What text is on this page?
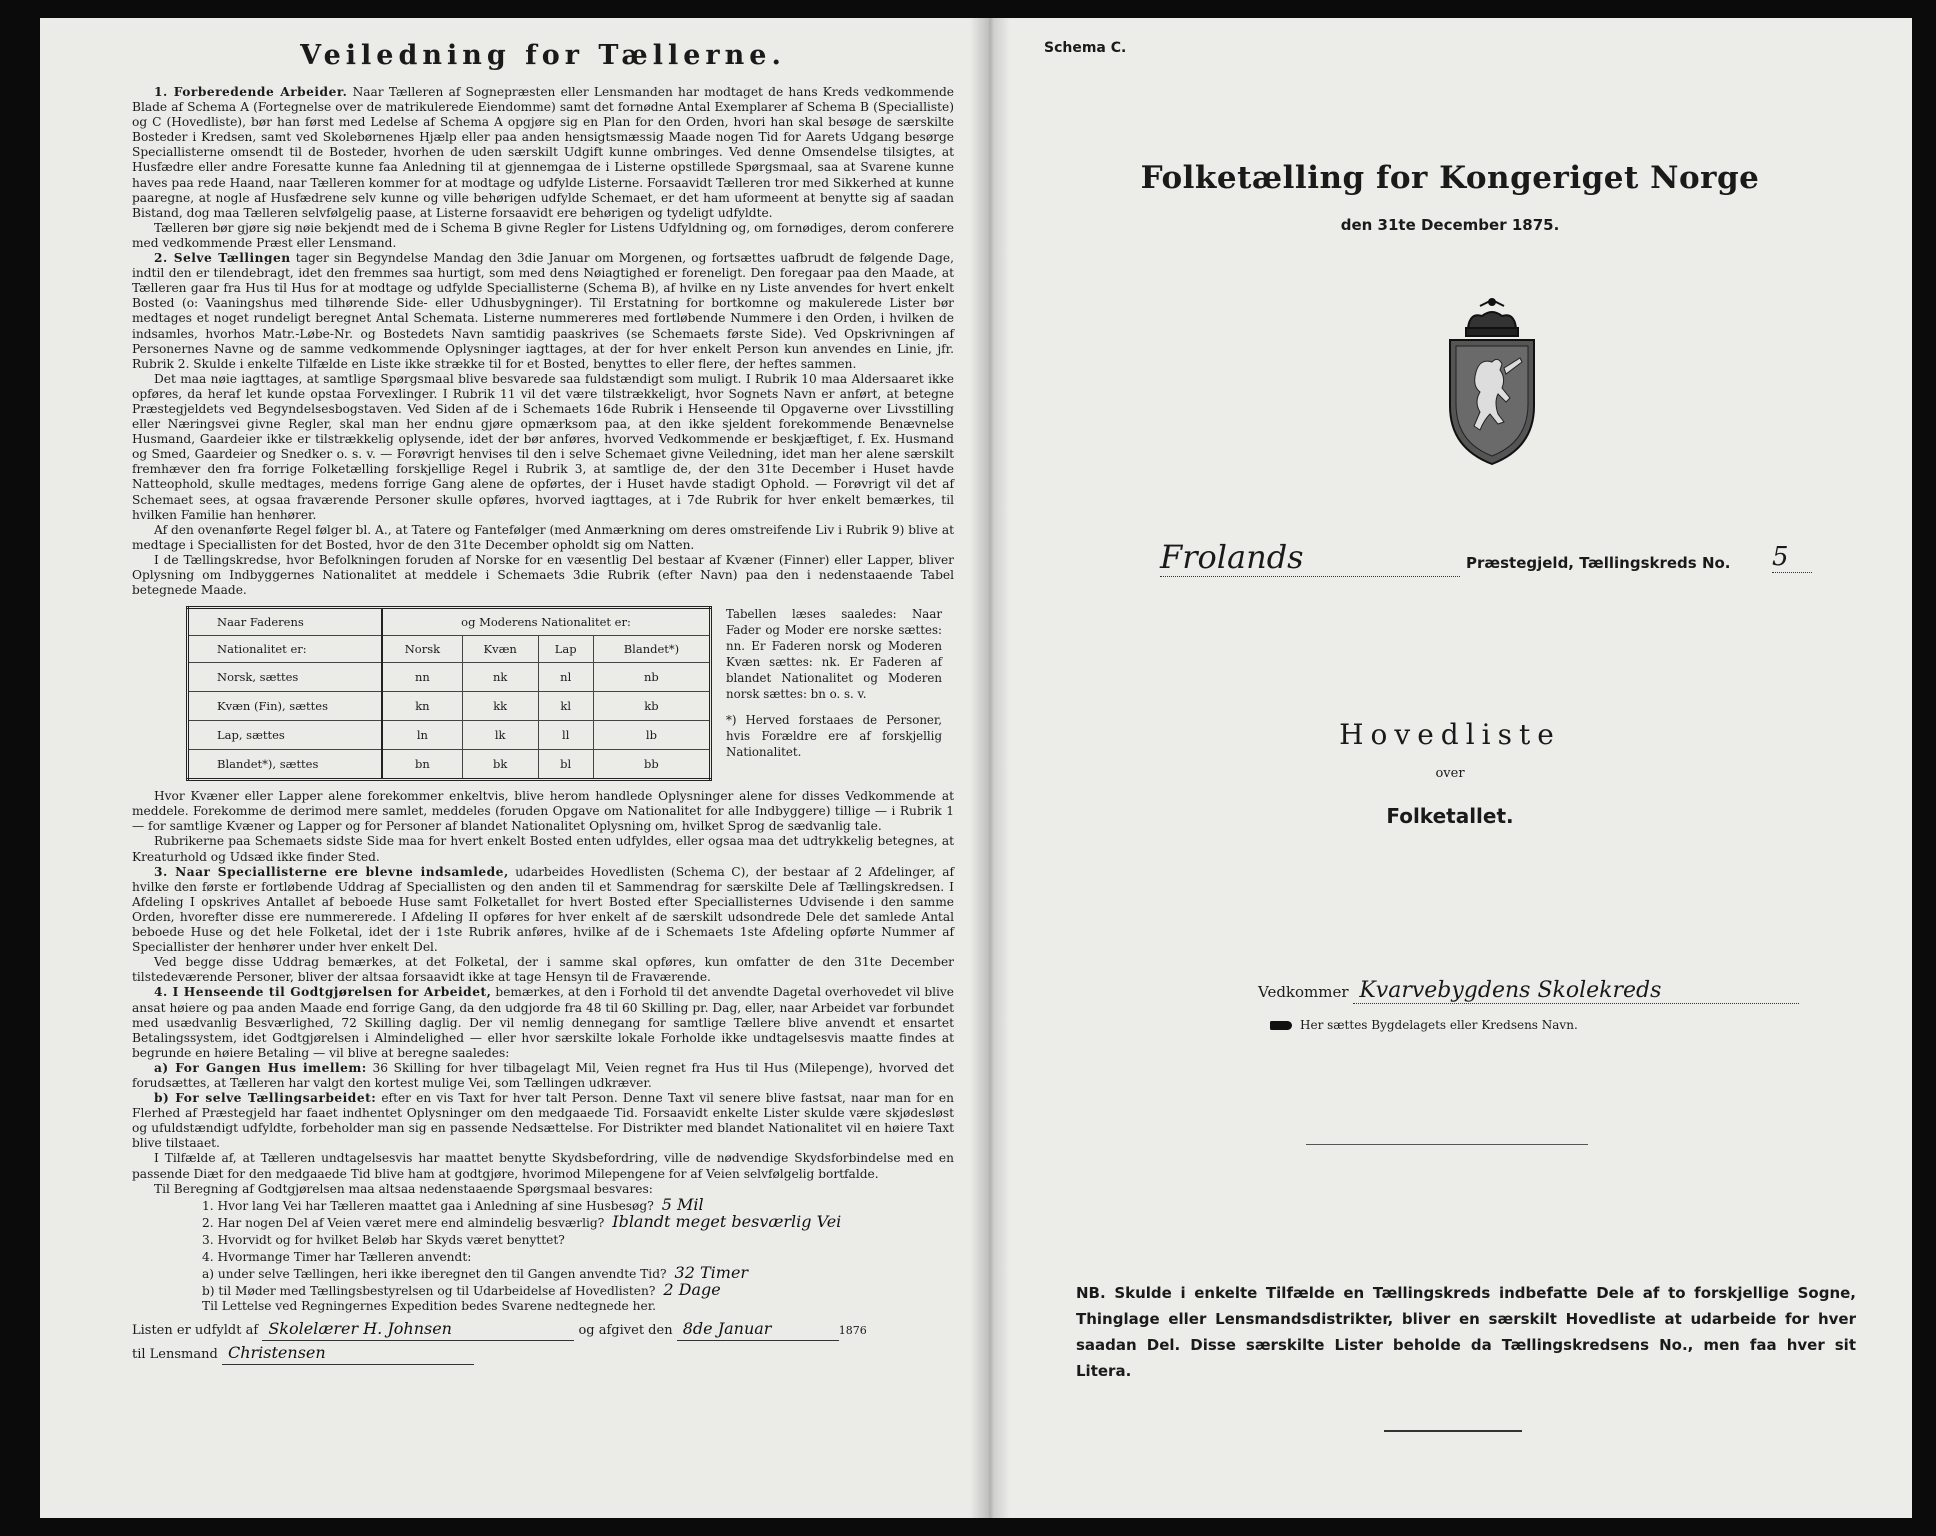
Veiledning for Tællerne.

1. Forberedende Arbeider. Naar Tælleren af Sognepræsten eller Lensmanden har modtaget de hans Kreds vedkommende Blade af Schema A (Fortegnelse over de matrikulerede Eiendomme) samt det fornødne Antal Exemplarer af Schema B (Specialliste) og C (Hovedliste), bør han først med Ledelse af Schema A opgjøre sig en Plan for den Orden, hvori han skal besøge de særskilte Bosteder i Kredsen, samt ved Skolebørnenes Hjælp eller paa anden hensigtsmæssig Maade nogen Tid for Aarets Udgang besørge Speciallisterne omsendt til de Bosteder, hvorhen de uden særskilt Udgift kunne ombringes. Ved denne Omsendelse tilsigtes, at Husfædre eller andre Foresatte kunne faa Anledning til at gjennemgaa de i Listerne opstillede Spørgsmaal, saa at Svarene kunne haves paa rede Haand, naar Tælleren kommer for at modtage og udfylde Listerne. Forsaavidt Tælleren tror med Sikkerhed at kunne paaregne, at nogle af Husfædrene selv kunne og ville behørigen udfylde Schemaet, er det ham uformeent at benytte sig af saadan Bistand, dog maa Tælleren selvfølgelig paase, at Listerne forsaavidt ere behørigen og tydeligt udfyldte.

Tælleren bør gjøre sig nøie bekjendt med de i Schema B givne Regler for Listens Udfyldning og, om fornødiges, derom conferere med vedkommende Præst eller Lensmand.

2. Selve Tællingen tager sin Begyndelse Mandag den 3die Januar om Morgenen, og fortsættes uafbrudt de følgende Dage, indtil den er tilendebragt, idet den fremmes saa hurtigt, som med dens Nøiagtighed er foreneligt. Den foregaar paa den Maade, at Tælleren gaar fra Hus til Hus for at modtage og udfylde Speciallisterne (Schema B), af hvilke en ny Liste anvendes for hvert enkelt Bosted (o: Vaaningshus med tilhørende Side- eller Udhusbygninger). Til Erstatning for bortkomne og makulerede Lister bør medtages et noget rundeligt beregnet Antal Schemata. Listerne nummereres med fortløbende Nummere i den Orden, i hvilken de indsamles, hvorhos Matr.-Løbe-Nr. og Bostedets Navn samtidig paaskrives (se Schemaets første Side). Ved Opskrivningen af Personernes Navne og de samme vedkommende Oplysninger iagttages, at der for hver enkelt Person kun anvendes en Linie, jfr. Rubrik 2. Skulde i enkelte Tilfælde en Liste ikke strække til for et Bosted, benyttes to eller flere, der heftes sammen.

Det maa nøie iagttages, at samtlige Spørgsmaal blive besvarede saa fuldstændigt som muligt. I Rubrik 10 maa Aldersaaret ikke opføres, da heraf let kunde opstaa Forvexlinger. I Rubrik 11 vil det være tilstrækkeligt, hvor Sognets Navn er anført, at betegne Præstegjeldets ved Begyndelsesbogstaven. Ved Siden af de i Schemaets 16de Rubrik i Henseende til Opgaverne over Livsstilling eller Næringsvei givne Regler, skal man her endnu gjøre opmærksom paa, at den ikke sjeldent forekommende Benævnelse Husmand, Gaardeier ikke er tilstrækkelig oplysende, idet der bør anføres, hvorved Vedkommende er beskjæftiget, f. Ex. Husmand og Smed, Gaardeier og Snedker o. s. v. — Forøvrigt henvises til den i selve Schemaet givne Veiledning, idet man her alene særskilt fremhæver den fra forrige Folketælling forskjellige Regel i Rubrik 3, at samtlige de, der den 31te December i Huset havde Natteophold, skulle medtages, medens forrige Gang alene de opførtes, der i Huset havde stadigt Ophold. — Forøvrigt vil det af Schemaet sees, at ogsaa fraværende Personer skulle opføres, hvorved iagttages, at i 7de Rubrik for hver enkelt bemærkes, til hvilken Familie han henhører.

Af den ovenanførte Regel følger bl. A., at Tatere og Fantefølger (med Anmærkning om deres omstreifende Liv i Rubrik 9) blive at medtage i Speciallisten for det Bosted, hvor de den 31te December opholdt sig om Natten.

I de Tællingskredse, hvor Befolkningen foruden af Norske for en væsentlig Del bestaar af Kvæner (Finner) eller Lapper, bliver Oplysning om Indbyggernes Nationalitet at meddele i Schemaets 3die Rubrik (efter Navn) paa den i nedenstaaende Tabel betegnede Maade.

Naar Faderens	og Moderens Nationalitet er:			
Nationalitet er:	Norsk	Kvæn	Lap	Blandet*)
Norsk, sættes	nn	nk	nl	nb
Kvæn (Fin), sættes	kn	kk	kl	kb
Lap, sættes	ln	lk	ll	lb
Blandet*), sættes	bn	bk	bl	bb
Tabellen læses saaledes: Naar Fader og Moder ere norske sættes: nn. Er Faderen norsk og Moderen Kvæn sættes: nk. Er Faderen af blandet Nationalitet og Moderen norsk sættes: bn o. s. v.
*) Herved forstaaes de Personer, hvis Forældre ere af forskjellig Nationalitet.

Hvor Kvæner eller Lapper alene forekommer enkeltvis, blive herom handlede Oplysninger alene for disses Vedkommende at meddele. Forekomme de derimod mere samlet, meddeles (foruden Opgave om Nationalitet for alle Indbyggere) tillige — i Rubrik 1 — for samtlige Kvæner og Lapper og for Personer af blandet Nationalitet Oplysning om, hvilket Sprog de sædvanlig tale.

Rubrikerne paa Schemaets sidste Side maa for hvert enkelt Bosted enten udfyldes, eller ogsaa maa det udtrykkelig betegnes, at Kreaturhold og Udsæd ikke finder Sted.

3. Naar Speciallisterne ere blevne indsamlede, udarbeides Hovedlisten (Schema C), der bestaar af 2 Afdelinger, af hvilke den første er fortløbende Uddrag af Speciallisten og den anden til et Sammendrag for særskilte Dele af Tællingskredsen. I Afdeling I opskrives Antallet af beboede Huse samt Folketallet for hvert Bosted efter Speciallisternes Udvisende i den samme Orden, hvorefter disse ere nummererede. I Afdeling II opføres for hver enkelt af de særskilt udsondrede Dele det samlede Antal beboede Huse og det hele Folketal, idet der i 1ste Rubrik anføres, hvilke af de i Schemaets 1ste Afdeling opførte Nummer af Speciallister der henhører under hver enkelt Del.

Ved begge disse Uddrag bemærkes, at det Folketal, der i samme skal opføres, kun omfatter de den 31te December tilstedeværende Personer, bliver der altsaa forsaavidt ikke at tage Hensyn til de Fraværende.

4. I Henseende til Godtgjørelsen for Arbeidet, bemærkes, at den i Forhold til det anvendte Dagetal overhovedet vil blive ansat høiere og paa anden Maade end forrige Gang, da den udgjorde fra 48 til 60 Skilling pr. Dag, eller, naar Arbeidet var forbundet med usædvanlig Besværlighed, 72 Skilling daglig. Der vil nemlig dennegang for samtlige Tællere blive anvendt et ensartet Betalingssystem, idet Godtgjørelsen i Almindelighed — eller hvor særskilte lokale Forholde ikke undtagelsesvis maatte findes at begrunde en høiere Betaling — vil blive at beregne saaledes:

a) For Gangen Hus imellem: 36 Skilling for hver tilbagelagt Mil, Veien regnet fra Hus til Hus (Milepenge), hvorved det forudsættes, at Tælleren har valgt den kortest mulige Vei, som Tællingen udkræver.

b) For selve Tællingsarbeidet: efter en vis Taxt for hver talt Person. Denne Taxt vil senere blive fastsat, naar man for en Flerhed af Præstegjeld har faaet indhentet Oplysninger om den medgaaede Tid. Forsaavidt enkelte Lister skulde være skjødesløst og ufuldstændigt udfyldte, forbeholder man sig en passende Nedsættelse. For Distrikter med blandet Nationalitet vil en høiere Taxt blive tilstaaet.

I Tilfælde af, at Tælleren undtagelsesvis har maattet benytte Skydsbefordring, ville de nødvendige Skydsforbindelse med en passende Diæt for den medgaaede Tid blive ham at godtgjøre, hvorimod Milepengene for af Veien selvfølgelig bortfalde.

Til Beregning af Godtgjørelsen maa altsaa nedenstaaende Spørgsmaal besvares:

1. Hvor lang Vei har Tælleren maattet gaa i Anledning af sine Husbesøg? 5 Mil
2. Har nogen Del af Veien været mere end almindelig besværlig? Iblandt meget besværlig Vei
3. Hvorvidt og for hvilket Beløb har Skyds været benyttet?
4. Hvormange Timer har Tælleren anvendt:
a) under selve Tællingen, heri ikke iberegnet den til Gangen anvendte Tid? 32 Timer
b) til Møder med Tællingsbestyrelsen og til Udarbeidelse af Hovedlisten? 2 Dage

Til Lettelse ved Regningernes Expedition bedes Svarene nedtegnede her.

Listen er udfyldt af Skolelærer H. Johnsen	og afgivet den 8de Januar	1876
til Lensmand Christensen
Schema C.
Folketælling for Kongeriget Norge
den 31te December 1875.
Frolands	Præstegjeld, Tællingskreds No. 5
Hovedliste
over
Folketallet.
Vedkommer Kvarvebygdens Skolekreds
Her sættes Bygdelagets eller Kredsens Navn.
NB. Skulde i enkelte Tilfælde en Tællingskreds indbefatte Dele af to forskjellige Sogne, Thinglage eller Lensmandsdistrikter, bliver en særskilt Hovedliste at udarbeide for hver saadan Del. Disse særskilte Lister beholde da Tællingskredsens No., men faa hver sit Litera.
